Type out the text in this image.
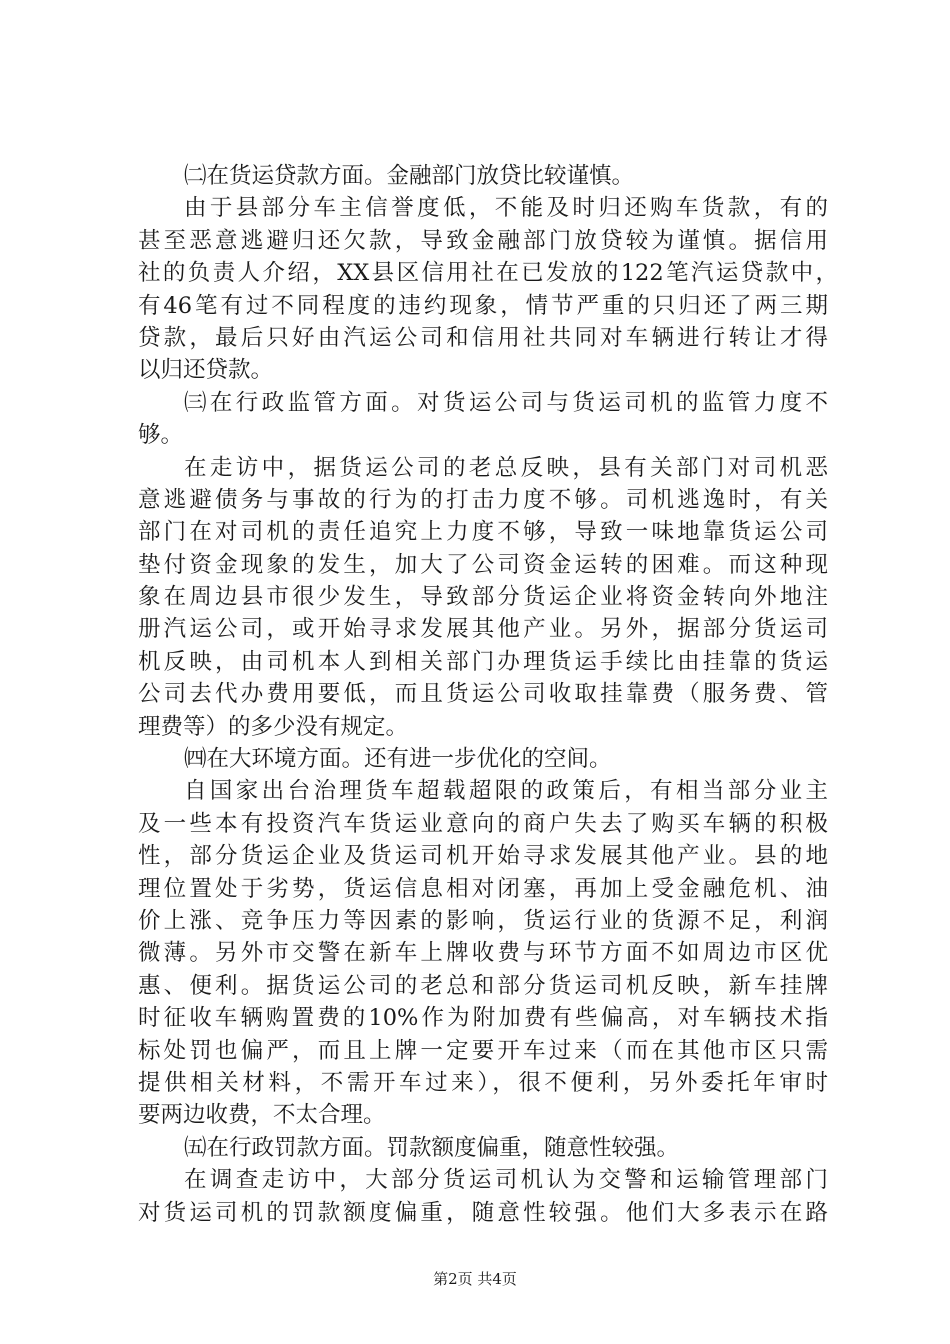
㈡在货运贷款方面。金融部门放贷比较谨慎。
由于县部分车主信誉度低，不能及时归还购车货款，有的
甚至恶意逃避归还欠款，导致金融部门放贷较为谨慎。据信用
社的负责人介绍，XX县区信用社在已发放的122笔汽运贷款中，
有46笔有过不同程度的违约现象，情节严重的只归还了两三期
贷款，最后只好由汽运公司和信用社共同对车辆进行转让才得
以归还贷款。
㈢在行政监管方面。对货运公司与货运司机的监管力度不
够。
在走访中，据货运公司的老总反映，县有关部门对司机恶
意逃避债务与事故的行为的打击力度不够。司机逃逸时，有关
部门在对司机的责任追究上力度不够，导致一味地靠货运公司
垫付资金现象的发生，加大了公司资金运转的困难。而这种现
象在周边县市很少发生，导致部分货运企业将资金转向外地注
册汽运公司，或开始寻求发展其他产业。另外，据部分货运司
机反映，由司机本人到相关部门办理货运手续比由挂靠的货运
公司去代办费用要低，而且货运公司收取挂靠费（服务费、管
理费等）的多少没有规定。
㈣在大环境方面。还有进一步优化的空间。
自国家出台治理货车超载超限的政策后，有相当部分业主
及一些本有投资汽车货运业意向的商户失去了购买车辆的积极
性，部分货运企业及货运司机开始寻求发展其他产业。县的地
理位置处于劣势，货运信息相对闭塞，再加上受金融危机、油
价上涨、竞争压力等因素的影响，货运行业的货源不足，利润
微薄。另外市交警在新车上牌收费与环节方面不如周边市区优
惠、便利。据货运公司的老总和部分货运司机反映，新车挂牌
时征收车辆购置费的10%作为附加费有些偏高，对车辆技术指
标处罚也偏严，而且上牌一定要开车过来（而在其他市区只需
提供相关材料，不需开车过来），很不便利，另外委托年审时
要两边收费，不太合理。
㈤在行政罚款方面。罚款额度偏重，随意性较强。
在调查走访中，大部分货运司机认为交警和运输管理部门
对货运司机的罚款额度偏重，随意性较强。他们大多表示在路
第2页 共4页
